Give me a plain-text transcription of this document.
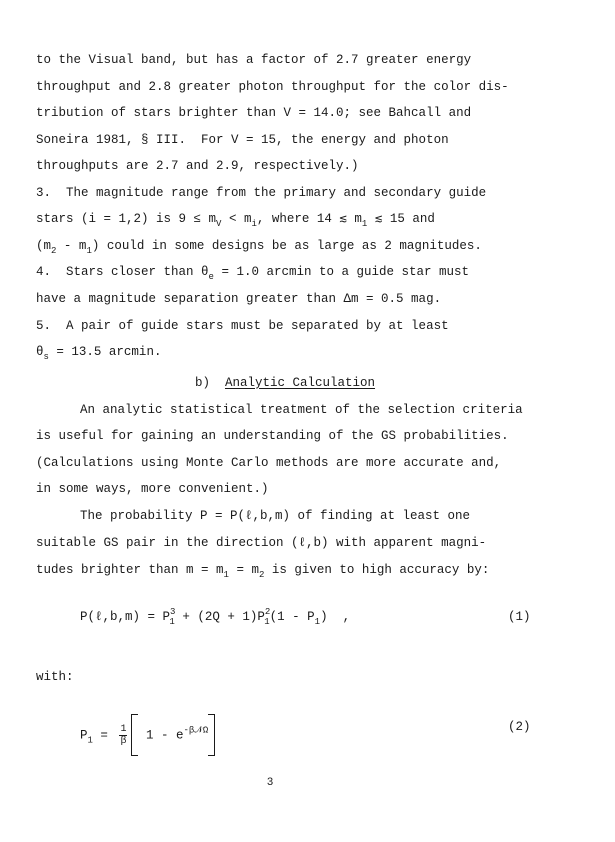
to the Visual band, but has a factor of 2.7 greater energy
throughput and 2.8 greater photon throughput for the color dis-
tribution of stars brighter than V = 14.0; see Bahcall and
Soneira 1981, § III.  For V = 15, the energy and photon
throughputs are 2.7 and 2.9, respectively.)
3.  The magnitude range from the primary and secondary guide
stars (i = 1,2) is $9 \le m_V < m_i$, where 14 ≲ $m_1$ ≲ 15 and
$(m_2 - m_1)$ could in some designs be as large as 2 magnitudes.
4.  Stars closer than $\theta_e = 1.0$ arcmin to a guide star must
have a magnitude separation greater than Δm = 0.5 mag.
5.  A pair of guide stars must be separated by at least
$\theta_s = 13.5$ arcmin.
b)  Analytic Calculation
An analytic statistical treatment of the selection criteria
is useful for gaining an understanding of the GS probabilities.
(Calculations using Monte Carlo methods are more accurate and,
in some ways, more convenient.)
The probability P = P(ℓ,b,m) of finding at least one
suitable GS pair in the direction (ℓ,b) with apparent magni-
tudes brighter than $m = m_1 = m_2$ is given to high accuracy by:
P(ℓ,b,m) = $P^3_1 + (2Q + 1)P^2_1(1 - P_1)$  ,	(1)
with:
$P_1 = \frac{1}{\beta} 1 - e^{-\beta 𝒩\Omega}$	(2)
3
